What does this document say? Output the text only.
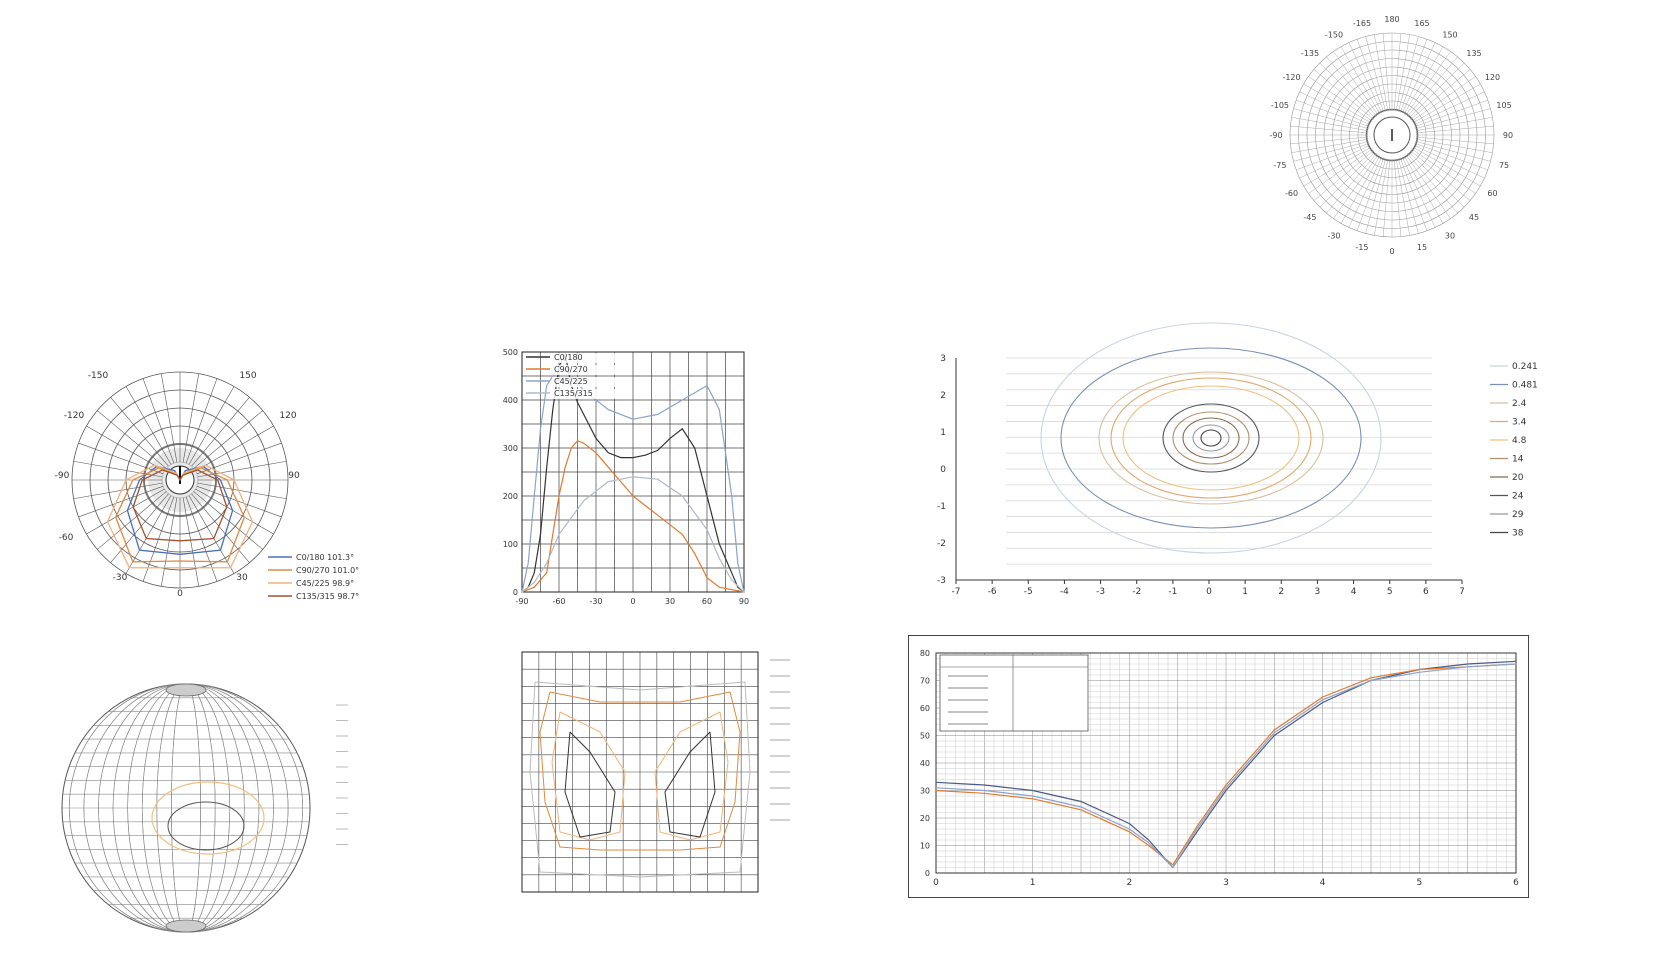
180 165
150
135
120
105
90
75
60
45
30
15
0
-15
-30
-45
-60
-75
-90
-105
-120
-135
-150
-165
-150	150
-120	120
-90	90
-60
-30	30
0
C0/180 101.3°
C90/270 101.0°
C45/225 98.9°
C135/315 98.7°
-90	-60	-30	0	30	60	90
0
100
200
300
400
500
C0/180
C90/270
C45/225
C135/315
-7	-6	-5	-4	-3	-2	-1	0	1	2	3	4	5	6	7
3
2
1
0
-1
-2
-3
0.241
0.481
2.4
3.4
4.8
14
20
24
29
38
0	1	2	3	4	5	6
0
10
20
30
40
50
60
70
80
